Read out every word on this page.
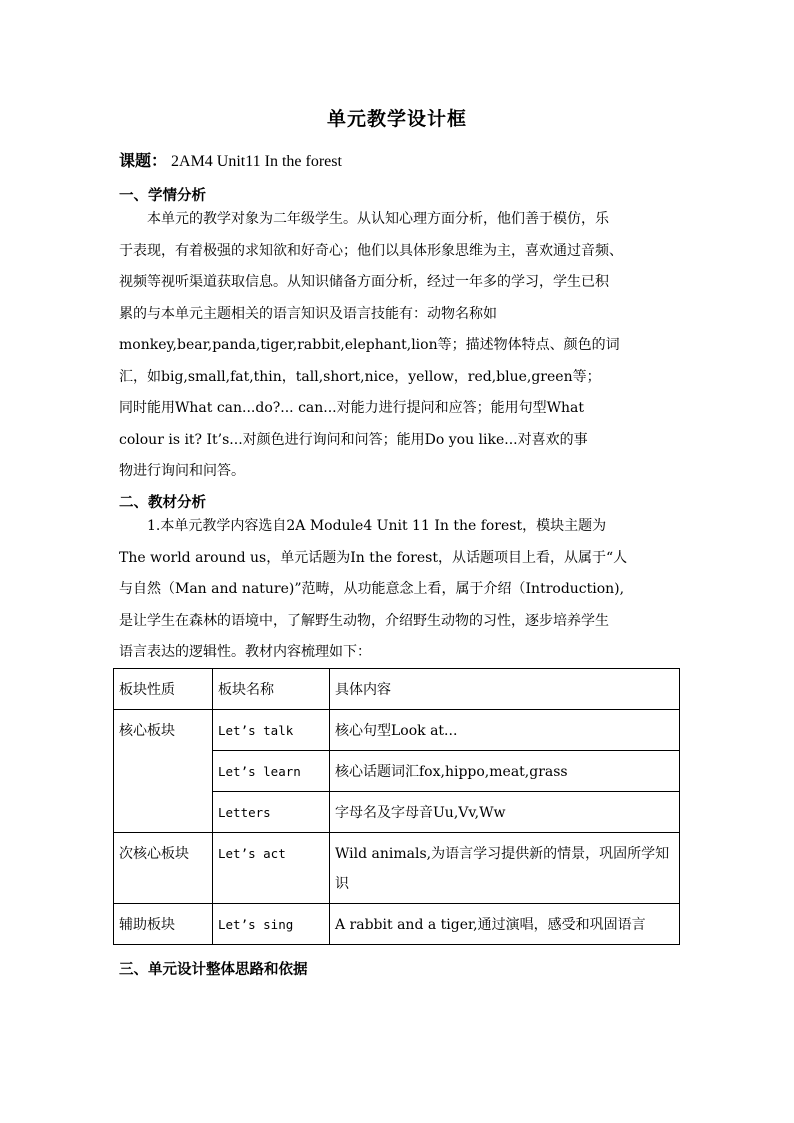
单元教学设计框
课题： 2AM4 Unit11 In the forest
一、学情分析

本单元的教学对象为二年级学生。从认知心理方面分析，他们善于模仿，乐

于表现，有着极强的求知欲和好奇心；他们以具体形象思维为主，喜欢通过音频、

视频等视听渠道获取信息。从知识储备方面分析，经过一年多的学习，学生已积

累的与本单元主题相关的语言知识及语言技能有：动物名称如

monkey,bear,panda,tiger,rabbit,elephant,lion等；描述物体特点、颜色的词

汇，如big,small,fat,thin，tall,short,nice，yellow，red,blue,green等；

同时能用What can...do?... can...对能力进行提问和应答；能用句型What

colour is it? It’s...对颜色进行询问和问答；能用Do you like...对喜欢的事

物进行询问和问答。

二、教材分析

1.本单元教学内容选自2A Module4 Unit 11 In the forest，模块主题为

The world around us，单元话题为In the forest，从话题项目上看，从属于“人

与自然（Man and nature)”范畴，从功能意念上看，属于介绍（Introduction),

是让学生在森林的语境中，了解野生动物，介绍野生动物的习性，逐步培养学生

语言表达的逻辑性。教材内容梳理如下：

板块性质	板块名称	具体内容
核心板块	Let’s talk	核心句型Look at...
	Let’s learn	核心话题词汇fox,hippo,meat,grass
	Letters	字母名及字母音Uu,Vv,Ww
次核心板块	Let’s act	Wild animals,为语言学习提供新的情景，巩固所学知识
辅助板块	Let’s sing	A rabbit and a tiger,通过演唱，感受和巩固语言
三、单元设计整体思路和依据
